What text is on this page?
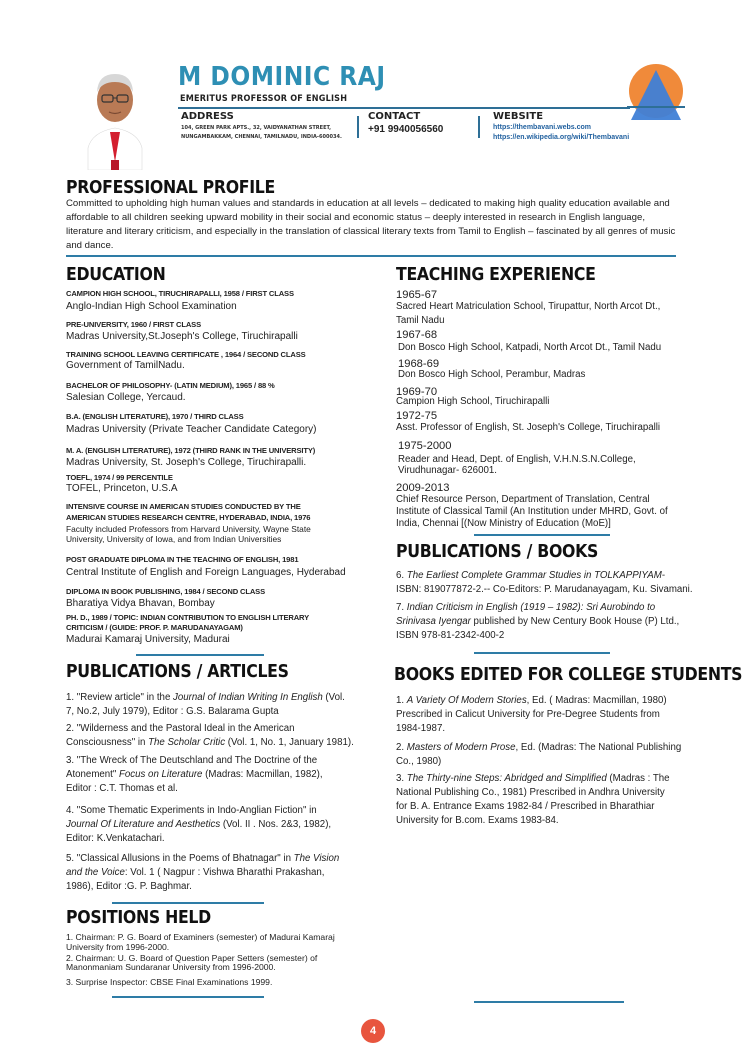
M DOMINIC RAJ
EMERITUS PROFESSOR OF ENGLISH
ADDRESS
104, GREEN PARK APTS., 32, VAIDYANATHAN STREET, NUNGAMBAKKAM, CHENNAI, TAMILNADU, INDIA-600034.
CONTACT
+91 9940056560
WEBSITE
https://thembavani.webs.com
https://en.wikipedia.org/wiki/Thembavani
PROFESSIONAL PROFILE
Committed to upholding high human values and standards in education at all levels – dedicated to making high quality education available and affordable to all children seeking upward mobility in their social and economic status – deeply interested in research in English language, literature and literary criticism, and especially in the translation of classical literary texts from Tamil to English – fascinated by all genres of music and dance.
EDUCATION
CAMPION HIGH SCHOOL, TIRUCHIRAPALLI, 1958 / FIRST CLASS
Anglo-Indian High School Examination
PRE-UNIVERSITY, 1960 / FIRST CLASS
Madras University,St.Joseph's College, Tiruchirapalli
TRAINING SCHOOL LEAVING CERTIFICATE , 1964 / SECOND CLASS
Government of TamilNadu.
BACHELOR OF PHILOSOPHY- (LATIN MEDIUM), 1965 / 88 %
Salesian College, Yercaud.
B.A. (ENGLISH LITERATURE), 1970 / THIRD CLASS
Madras University (Private Teacher Candidate Category)
M. A. (ENGLISH LITERATURE), 1972 (THIRD RANK IN THE UNIVERSITY)
Madras University, St. Joseph's College, Tiruchirapalli.
TOEFL, 1974 / 99 PERCENTILE
TOFEL, Princeton, U.S.A
INTENSIVE COURSE IN AMERICAN STUDIES CONDUCTED BY THE
AMERICAN STUDIES RESEARCH CENTRE, HYDERABAD, INDIA, 1976
Faculty included Professors from Harvard University, Wayne State
University, University of Iowa, and from Indian Universities
POST GRADUATE DIPLOMA IN THE TEACHING OF ENGLISH, 1981
Central Institute of English and Foreign Languages, Hyderabad
DIPLOMA IN BOOK PUBLISHING, 1984 / SECOND CLASS
Bharatiya Vidya Bhavan, Bombay
PH. D., 1989 / TOPIC: INDIAN CONTRIBUTION TO ENGLISH LITERARY
CRITICISM / (GUIDE: PROF. P. MARUDANAYAGAM)
Madurai Kamaraj University, Madurai
TEACHING EXPERIENCE
1965-67
Sacred Heart Matriculation School, Tirupattur, North Arcot Dt.,
Tamil Nadu
1967-68
Don Bosco High School, Katpadi, North Arcot Dt., Tamil Nadu
1968-69
Don Bosco High School, Perambur, Madras
1969-70
Campion High School, Tiruchirapalli
1972-75
Asst. Professor of English, St. Joseph's College, Tiruchirapalli
1975-2000
Reader and Head, Dept. of English, V.H.N.S.N.College,
Virudhunagar- 626001.
2009-2013
Chief Resource Person, Department of Translation, Central
Institute of Classical Tamil (An Institution under MHRD, Govt. of
India, Chennai [(Now Ministry of Education (MoE)]
PUBLICATIONS / BOOKS
6. The Earliest Complete Grammar Studies in TOLKAPPIYAM-
ISBN: 819077872-2.-- Co-Editors: P. Marudanayagam, Ku. Sivamani.
7. Indian Criticism in English (1919 – 1982): Sri Aurobindo to
Srinivasa Iyengar published by New Century Book House (P) Ltd.,
ISBN 978-81-2342-400-2
BOOKS EDITED FOR COLLEGE STUDENTS
1. A Variety Of Modern Stories, Ed. ( Madras: Macmillan, 1980)
Prescribed in Calicut University for Pre-Degree Students from
1984-1987.
2. Masters of Modern Prose, Ed. (Madras: The National Publishing
Co., 1980)
3. The Thirty-nine Steps: Abridged and Simplified (Madras : The
National Publishing Co., 1981) Prescribed in Andhra University
for B. A. Entrance Exams 1982-84 / Prescribed in Bharathiar
University for B.com. Exams 1983-84.
PUBLICATIONS / ARTICLES
1. "Review article" in the Journal of Indian Writing In English (Vol.
7, No.2, July 1979), Editor : G.S. Balarama Gupta
2. "Wilderness and the Pastoral Ideal in the American
Consciousness" in The Scholar Critic (Vol. 1, No. 1, January 1981).
3. "The Wreck of The Deutschland and The Doctrine of the
Atonement" Focus on Literature (Madras: Macmillan, 1982),
Editor : C.T. Thomas et al.
4. "Some Thematic Experiments in Indo-Anglian Fiction" in
Journal Of Literature and Aesthetics (Vol. II . Nos. 2&3, 1982),
Editor: K.Venkatachari.
5. "Classical Allusions in the Poems of Bhatnagar" in The Vision
and the Voice: Vol. 1 ( Nagpur : Vishwa Bharathi Prakashan,
1986), Editor :G. P. Baghmar.
POSITIONS HELD
1. Chairman: P. G. Board of Examiners (semester) of Madurai Kamaraj
University from 1996-2000.
2. Chairman: U. G. Board of Question Paper Setters (semester) of
Manonmaniam Sundaranar University from 1996-2000.
3. Surprise Inspector: CBSE Final Examinations 1999.
4
